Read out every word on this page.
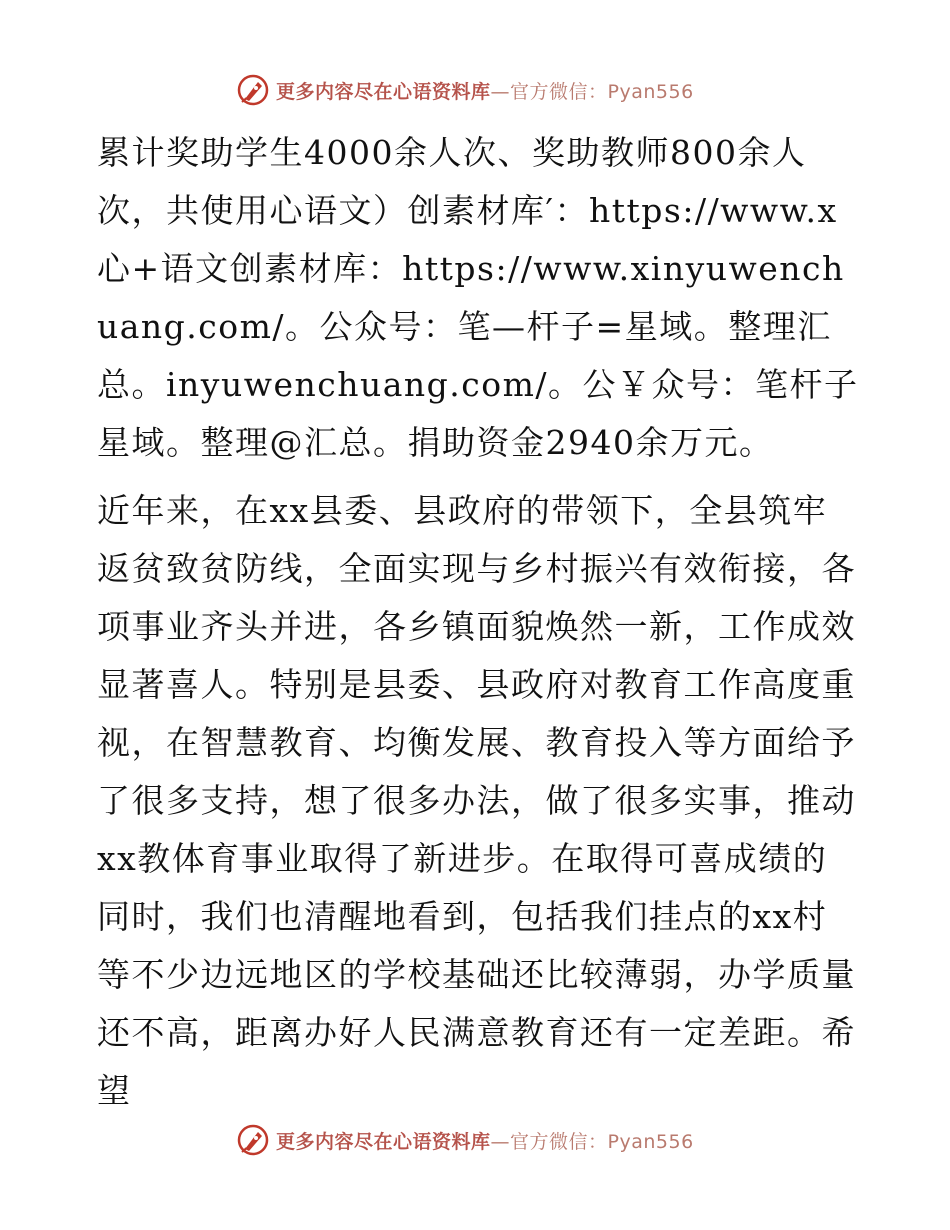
更多内容尽在心语资料库—官方微信：Pyan556

累计奖助学生4000余人次、奖助教师800余人次，共使用心语文）创素材库′：https://www.x心+语文创素材库：https://www.xinyuwenchuang.com/。公众号：笔—杆子=星域。整理汇总。inyuwenchuang.com/。公￥众号：笔杆子星域。整理@汇总。捐助资金2940余万元。

近年来，在xx县委、县政府的带领下，全县筑牢返贫致贫防线，全面实现与乡村振兴有效衔接，各项事业齐头并进，各乡镇面貌焕然一新，工作成效显著喜人。特别是县委、县政府对教育工作高度重视，在智慧教育、均衡发展、教育投入等方面给予了很多支持，想了很多办法，做了很多实事，推动xx教体育事业取得了新进步。在取得可喜成绩的同时，我们也清醒地看到，包括我们挂点的xx村等不少边远地区的学校基础还比较薄弱，办学质量还不高，距离办好人民满意教育还有一定差距。希望

更多内容尽在心语资料库—官方微信：Pyan556
